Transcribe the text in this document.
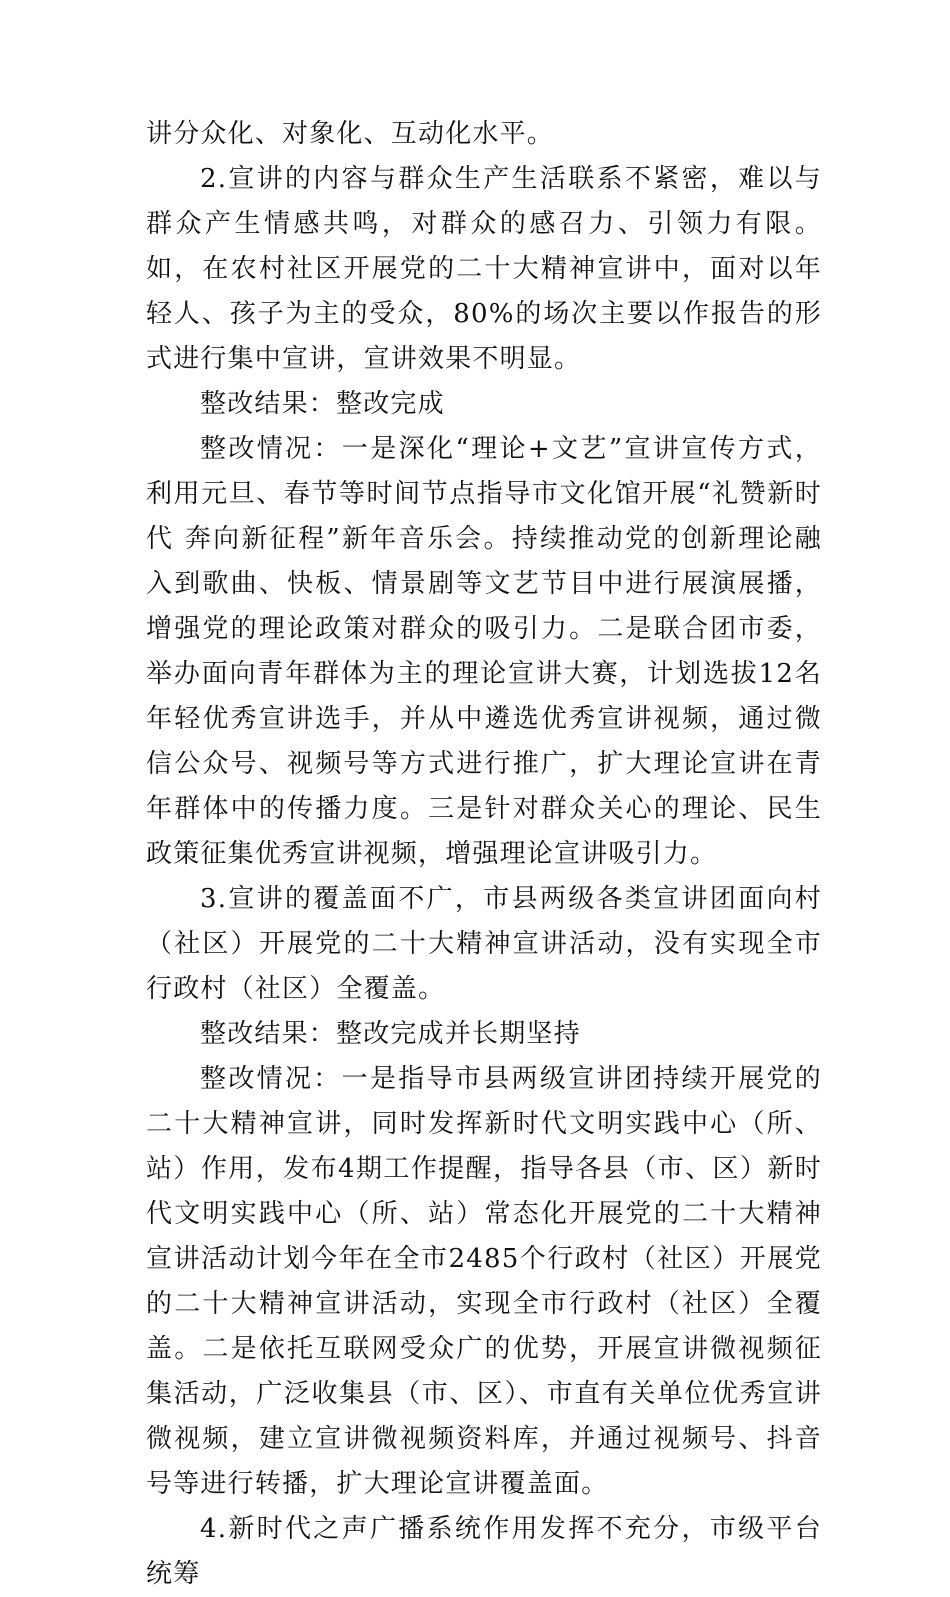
讲分众化、对象化、互动化水平。

2.宣讲的内容与群众生产生活联系不紧密，难以与群众产生情感共鸣，对群众的感召力、引领力有限。如，在农村社区开展党的二十大精神宣讲中，面对以年轻人、孩子为主的受众，80%的场次主要以作报告的形式进行集中宣讲，宣讲效果不明显。

整改结果：整改完成

整改情况：一是深化“理论+文艺”宣讲宣传方式，利用元旦、春节等时间节点指导市文化馆开展“礼赞新时代 奔向新征程”新年音乐会。持续推动党的创新理论融入到歌曲、快板、情景剧等文艺节目中进行展演展播，增强党的理论政策对群众的吸引力。二是联合团市委，举办面向青年群体为主的理论宣讲大赛，计划选拔12名年轻优秀宣讲选手，并从中遴选优秀宣讲视频，通过微信公众号、视频号等方式进行推广，扩大理论宣讲在青年群体中的传播力度。三是针对群众关心的理论、民生政策征集优秀宣讲视频，增强理论宣讲吸引力。

3.宣讲的覆盖面不广，市县两级各类宣讲团面向村（社区）开展党的二十大精神宣讲活动，没有实现全市行政村（社区）全覆盖。

整改结果：整改完成并长期坚持

整改情况：一是指导市县两级宣讲团持续开展党的二十大精神宣讲，同时发挥新时代文明实践中心（所、站）作用，发布4期工作提醒，指导各县（市、区）新时代文明实践中心（所、站）常态化开展党的二十大精神宣讲活动计划今年在全市2485个行政村（社区）开展党的二十大精神宣讲活动，实现全市行政村（社区）全覆盖。二是依托互联网受众广的优势，开展宣讲微视频征集活动，广泛收集县（市、区）、市直有关单位优秀宣讲微视频，建立宣讲微视频资料库，并通过视频号、抖音号等进行转播，扩大理论宣讲覆盖面。

4.新时代之声广播系统作用发挥不充分，市级平台统筹
